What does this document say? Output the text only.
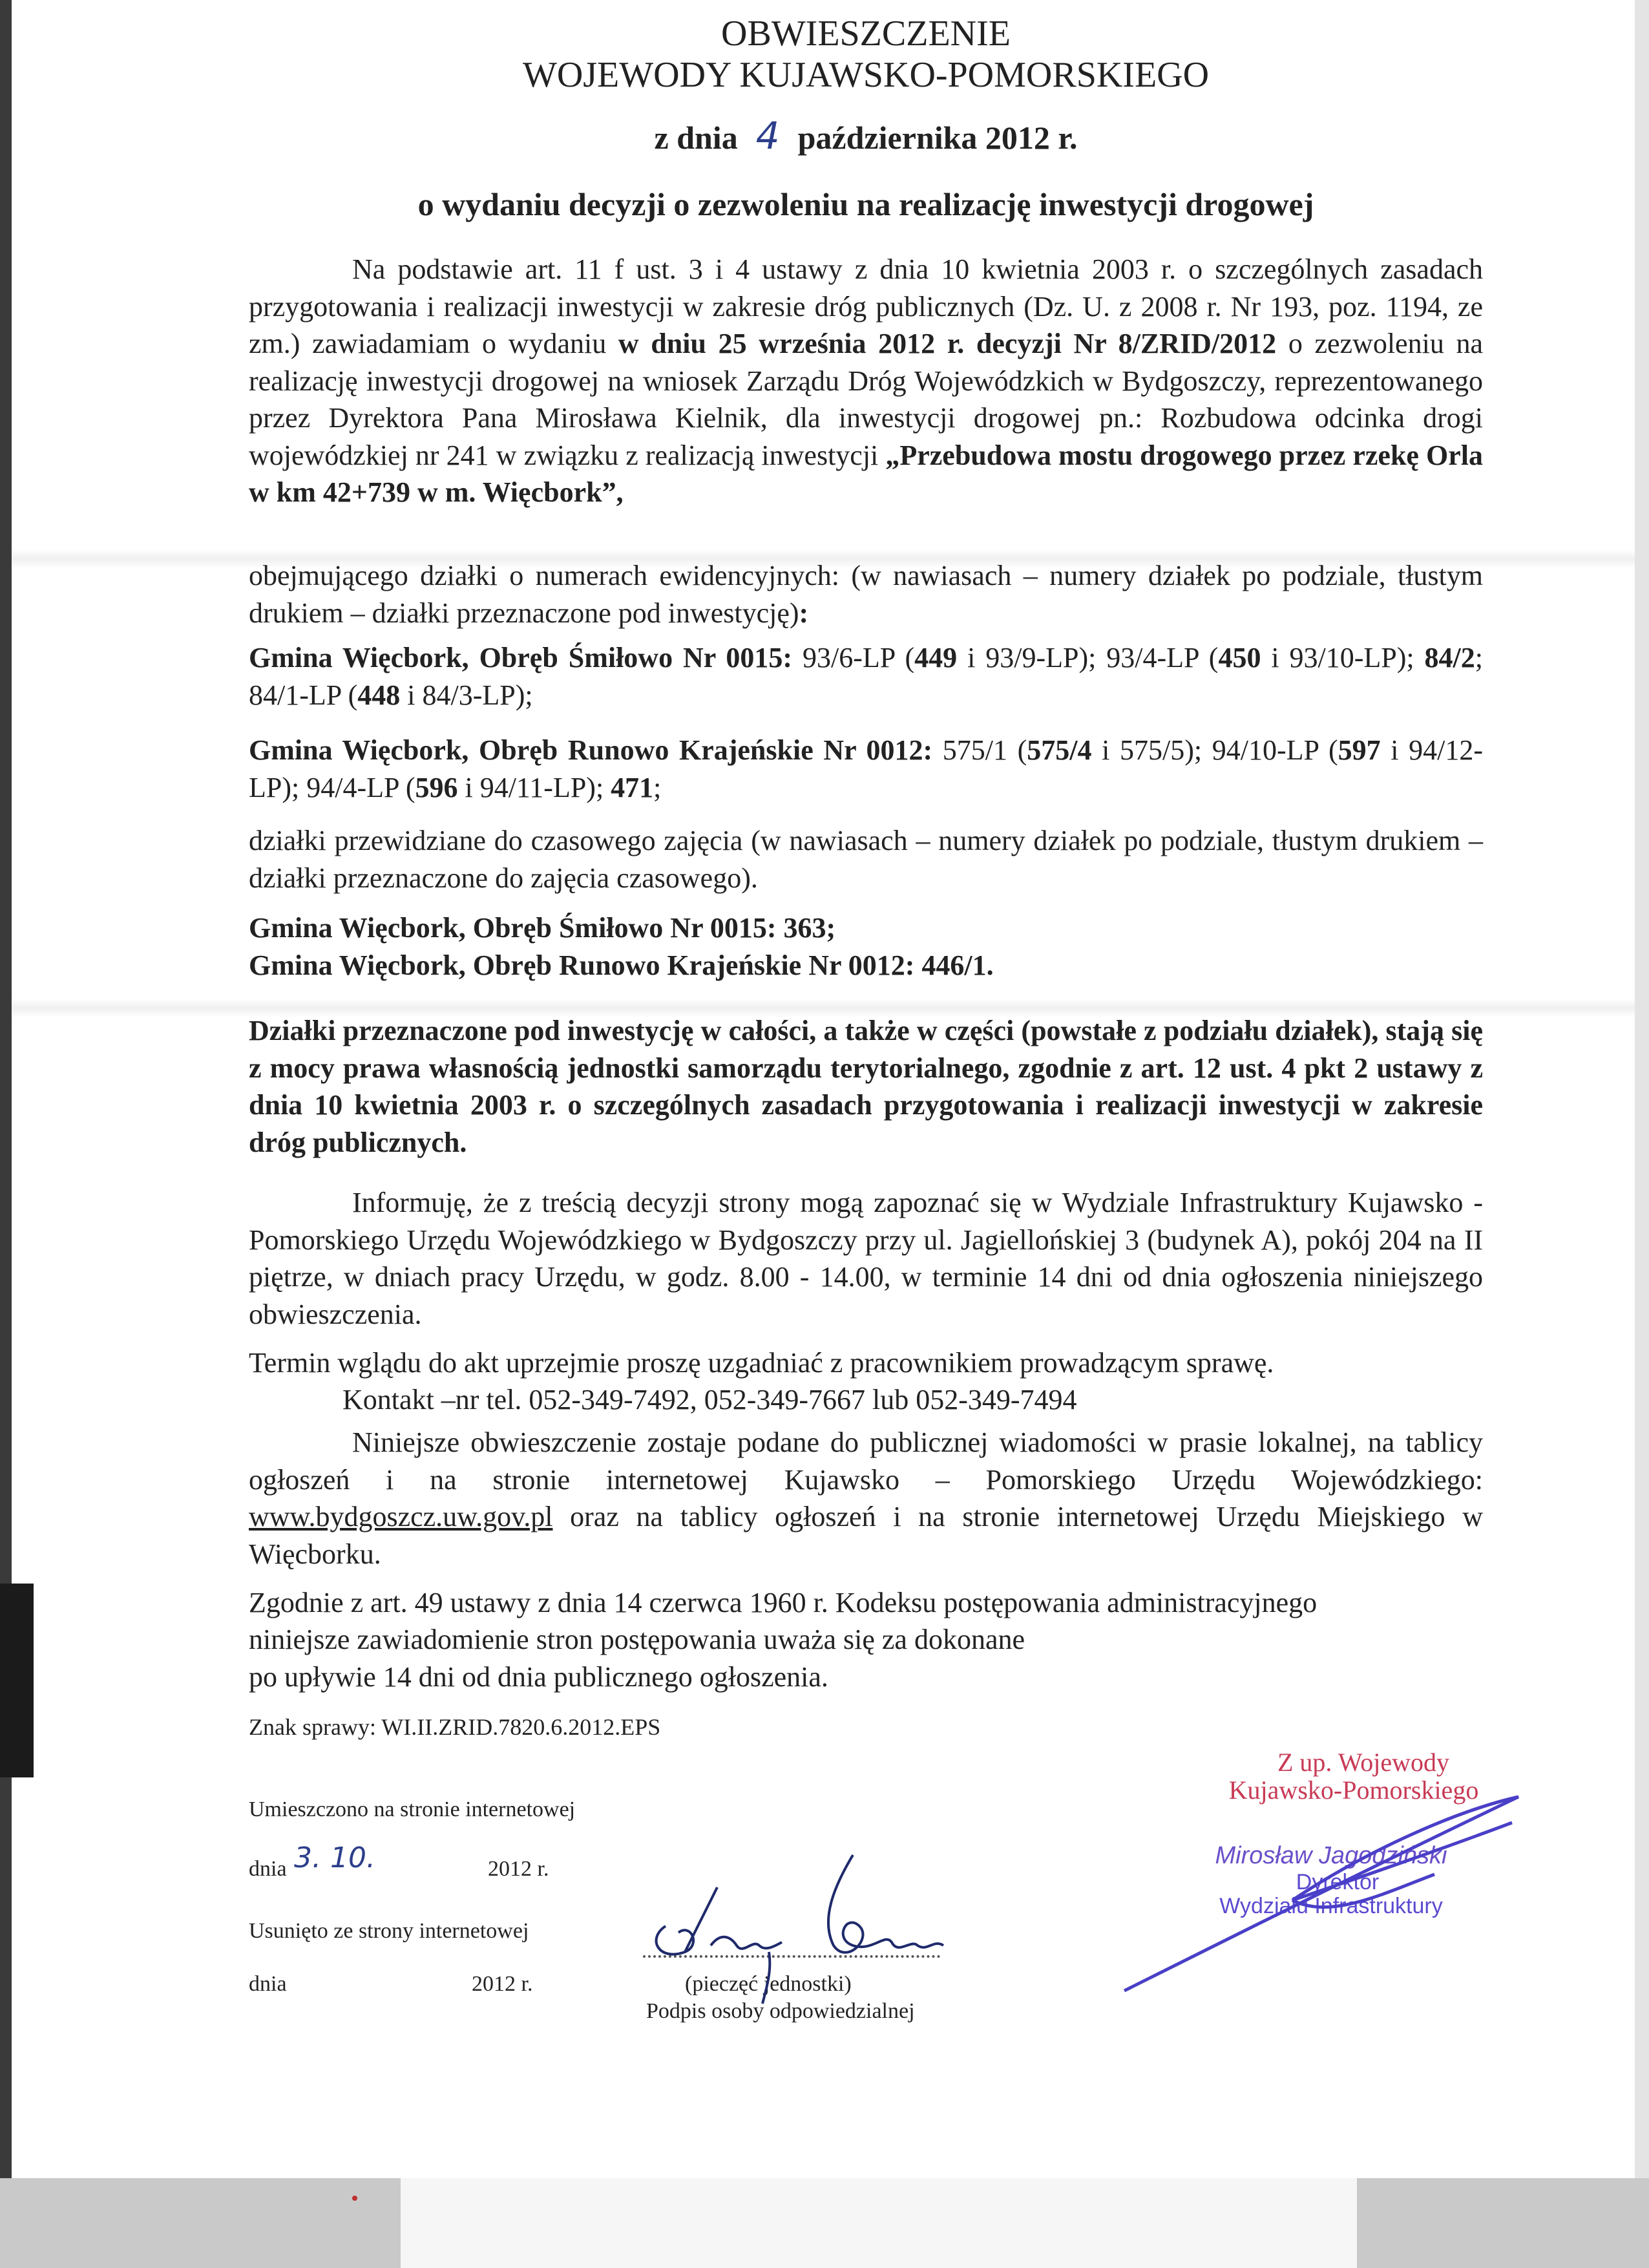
OBWIESZCZENIE
WOJEWODY KUJAWSKO-POMORSKIEGO
z dnia 4 października 2012 r.
o wydaniu decyzji o zezwoleniu na realizację inwestycji drogowej

Na podstawie art. 11 f ust. 3 i 4 ustawy z dnia 10 kwietnia 2003 r. o szczególnych zasadach przygotowania i realizacji inwestycji w zakresie dróg publicznych (Dz. U. z 2008 r. Nr 193, poz. 1194, ze zm.) zawiadamiam o wydaniu w dniu 25 września 2012 r. decyzji Nr 8/ZRID/2012 o zezwoleniu na realizację inwestycji drogowej na wniosek Zarządu Dróg Wojewódzkich w Bydgoszczy, reprezentowanego przez Dyrektora Pana Mirosława Kielnik, dla inwestycji drogowej pn.: Rozbudowa odcinka drogi wojewódzkiej nr 241 w związku z realizacją inwestycji „Przebudowa mostu drogowego przez rzekę Orla w km 42+739 w m. Więcbork”,

obejmującego działki o numerach ewidencyjnych: (w nawiasach – numery działek po podziale, tłustym drukiem – działki przeznaczone pod inwestycję):

Gmina Więcbork, Obręb Śmiłowo Nr 0015: 93/6-LP (449 i 93/9-LP); 93/4-LP (450 i 93/10-LP); 84/2; 84/1-LP (448 i 84/3-LP);

Gmina Więcbork, Obręb Runowo Krajeńskie Nr 0012: 575/1 (575/4 i 575/5); 94/10-LP (597 i 94/12-LP); 94/4-LP (596 i 94/11-LP); 471;

działki przewidziane do czasowego zajęcia (w nawiasach – numery działek po podziale, tłustym drukiem – działki przeznaczone do zajęcia czasowego).

Gmina Więcbork, Obręb Śmiłowo Nr 0015: 363;

Gmina Więcbork, Obręb Runowo Krajeńskie Nr 0012: 446/1.

Działki przeznaczone pod inwestycję w całości, a także w części (powstałe z podziału działek), stają się z mocy prawa własnością jednostki samorządu terytorialnego, zgodnie z art. 12 ust. 4 pkt 2 ustawy z dnia 10 kwietnia 2003 r. o szczególnych zasadach przygotowania i realizacji inwestycji w zakresie dróg publicznych.

Informuję, że z treścią decyzji strony mogą zapoznać się w Wydziale Infrastruktury Kujawsko - Pomorskiego Urzędu Wojewódzkiego w Bydgoszczy przy ul. Jagiellońskiej 3 (budynek A), pokój 204 na II piętrze, w dniach pracy Urzędu, w godz. 8.00 - 14.00, w terminie 14 dni od dnia ogłoszenia niniejszego obwieszczenia.

Termin wglądu do akt uprzejmie proszę uzgadniać z pracownikiem prowadzącym sprawę.

Kontakt –nr tel. 052-349-7492, 052-349-7667 lub 052-349-7494

Niniejsze obwieszczenie zostaje podane do publicznej wiadomości w prasie lokalnej, na tablicy ogłoszeń i na stronie internetowej Kujawsko – Pomorskiego Urzędu Wojewódzkiego: www.bydgoszcz.uw.gov.pl oraz na tablicy ogłoszeń i na stronie internetowej Urzędu Miejskiego w Więcborku.

Zgodnie z art. 49 ustawy z dnia 14 czerwca 1960 r. Kodeksu postępowania administracyjnego

niniejsze zawiadomienie stron postępowania uważa się za dokonane

po upływie 14 dni od dnia publicznego ogłoszenia.

Znak sprawy: WI.II.ZRID.7820.6.2012.EPS

Umieszczono na stronie internetowej

dnia 3. 10.	2012 r.

Usunięto ze strony internetowej

dnia	2012 r.	(pieczęć jednostki)

Podpis osoby odpowiedzialnej

Z up. Wojewody
Kujawsko-Pomorskiego
Mirosław Jagodziński
Dyrektor
Wydziału Infrastruktury
